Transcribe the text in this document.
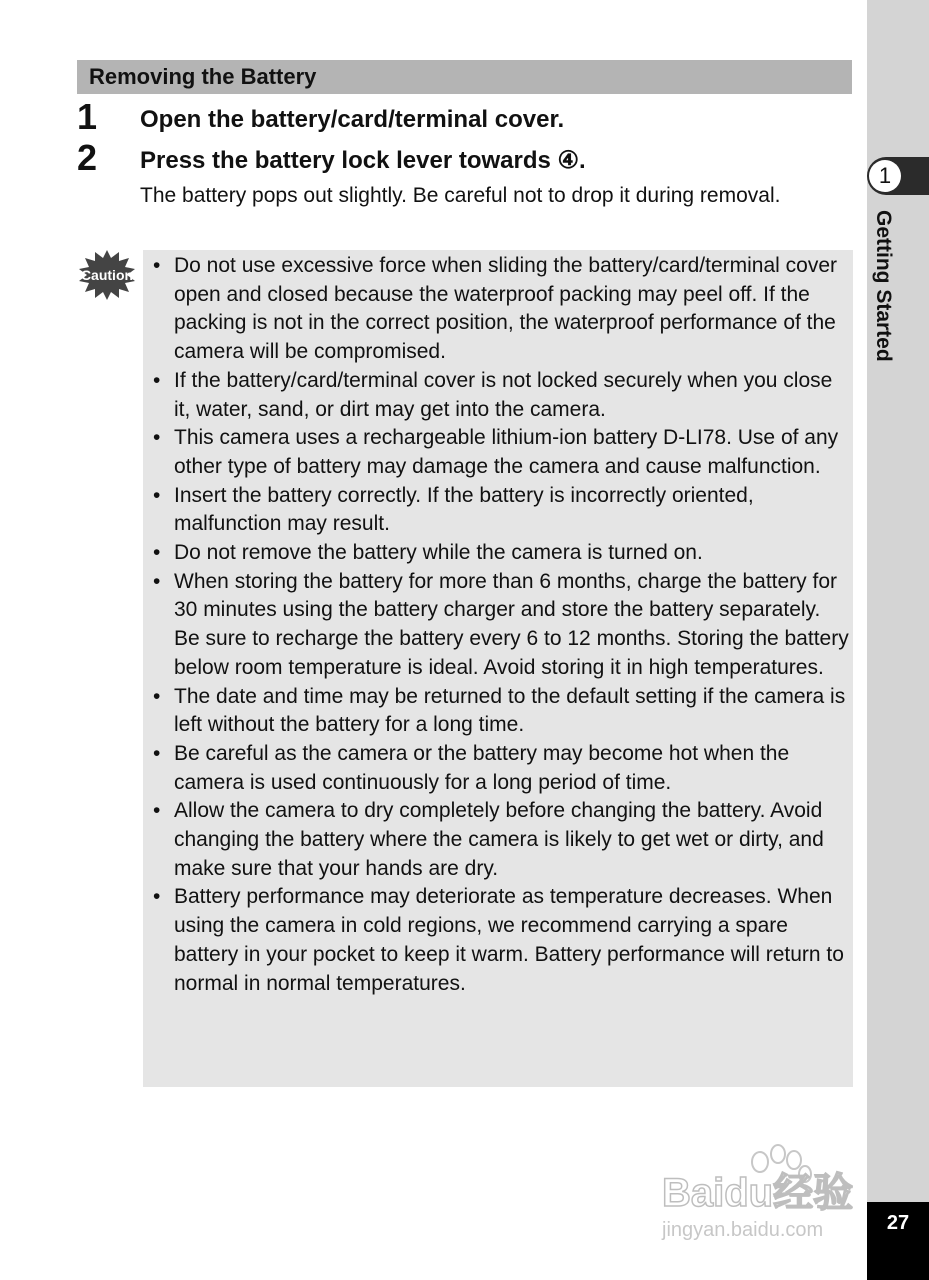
1
Getting Started
27
Removing the Battery
1 Open the battery/card/terminal cover.
2 Press the battery lock lever towards ④.
The battery pops out slightly. Be careful not to drop it during removal.
Caution • Do not use excessive force when sliding the battery/card/terminal cover open and closed because the waterproof packing may peel off. If the packing is not in the correct position, the waterproof performance of the camera will be compromised.
• If the battery/card/terminal cover is not locked securely when you close it, water, sand, or dirt may get into the camera.
• This camera uses a rechargeable lithium-ion battery D-LI78. Use of any other type of battery may damage the camera and cause malfunction.
• Insert the battery correctly. If the battery is incorrectly oriented, malfunction may result.
• Do not remove the battery while the camera is turned on.
• When storing the battery for more than 6 months, charge the battery for 30 minutes using the battery charger and store the battery separately.
Be sure to recharge the battery every 6 to 12 months. Storing the battery below room temperature is ideal. Avoid storing it in high temperatures.
• The date and time may be returned to the default setting if the camera is left without the battery for a long time.
• Be careful as the camera or the battery may become hot when the camera is used continuously for a long period of time.
• Allow the camera to dry completely before changing the battery. Avoid changing the battery where the camera is likely to get wet or dirty, and make sure that your hands are dry.
• Battery performance may deteriorate as temperature decreases. When using the camera in cold regions, we recommend carrying a spare battery in your pocket to keep it warm. Battery performance will return to normal in normal temperatures.
Baidu经验
jingyan.baidu.com
